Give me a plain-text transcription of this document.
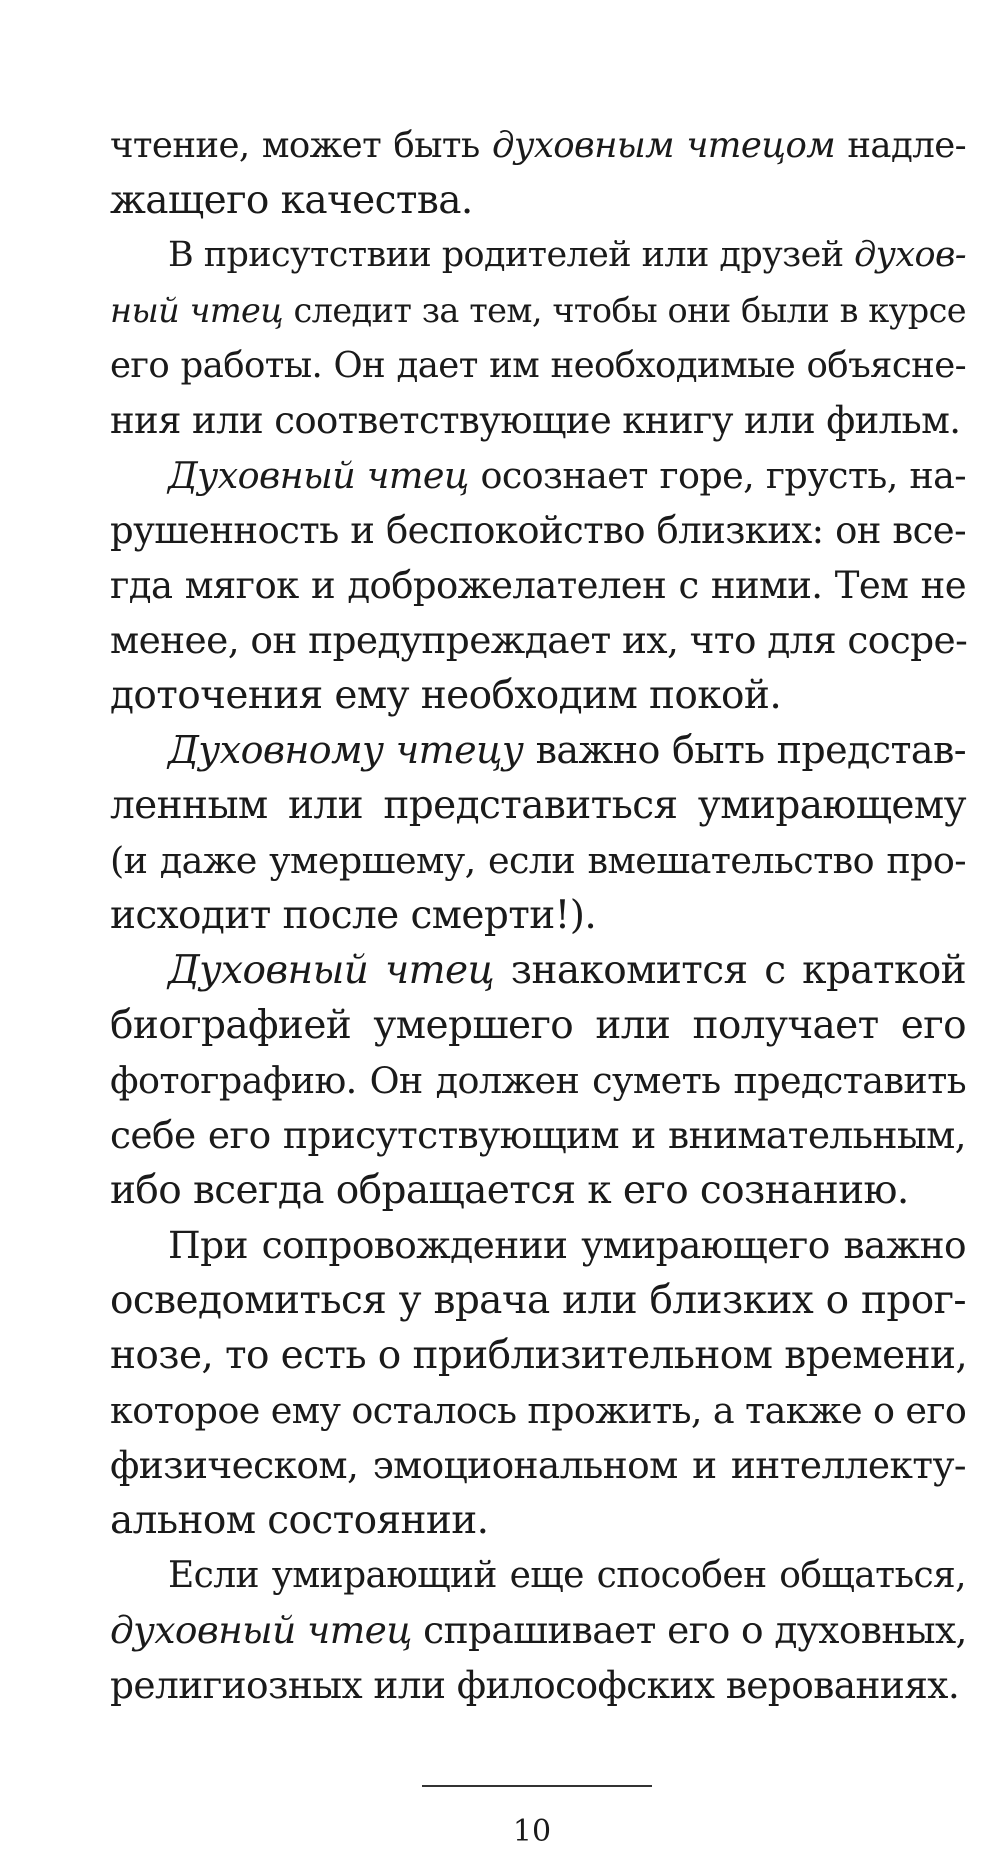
чтение, может быть духовным чтецом надле-
жащего качества.
В присутствии родителей или друзей духов-
ный чтец следит за тем, чтобы они были в курсе
его работы. Он дает им необходимые объясне-
ния или соответствующие книгу или фильм.
Духовный чтец осознает горе, грусть, на-
рушенность и беспокойство близких: он все-
гда мягок и доброжелателен с ними. Тем не
менее, он предупреждает их, что для сосре-
доточения ему необходим покой.
Духовному чтецу важно быть представ-
ленным или представиться умирающему
(и даже умершему, если вмешательство про-
исходит после смерти!).
Духовный чтец знакомится с краткой
биографией умершего или получает его
фотографию. Он должен суметь представить
себе его присутствующим и внимательным,
ибо всегда обращается к его сознанию.
При сопровождении умирающего важно
осведомиться у врача или близких о прог-
нозе, то есть о приблизительном времени,
которое ему осталось прожить, а также о его
физическом, эмоциональном и интеллекту-
альном состоянии.
Если умирающий еще способен общаться,
духовный чтец спрашивает его о духовных,
религиозных или философских верованиях.
10
